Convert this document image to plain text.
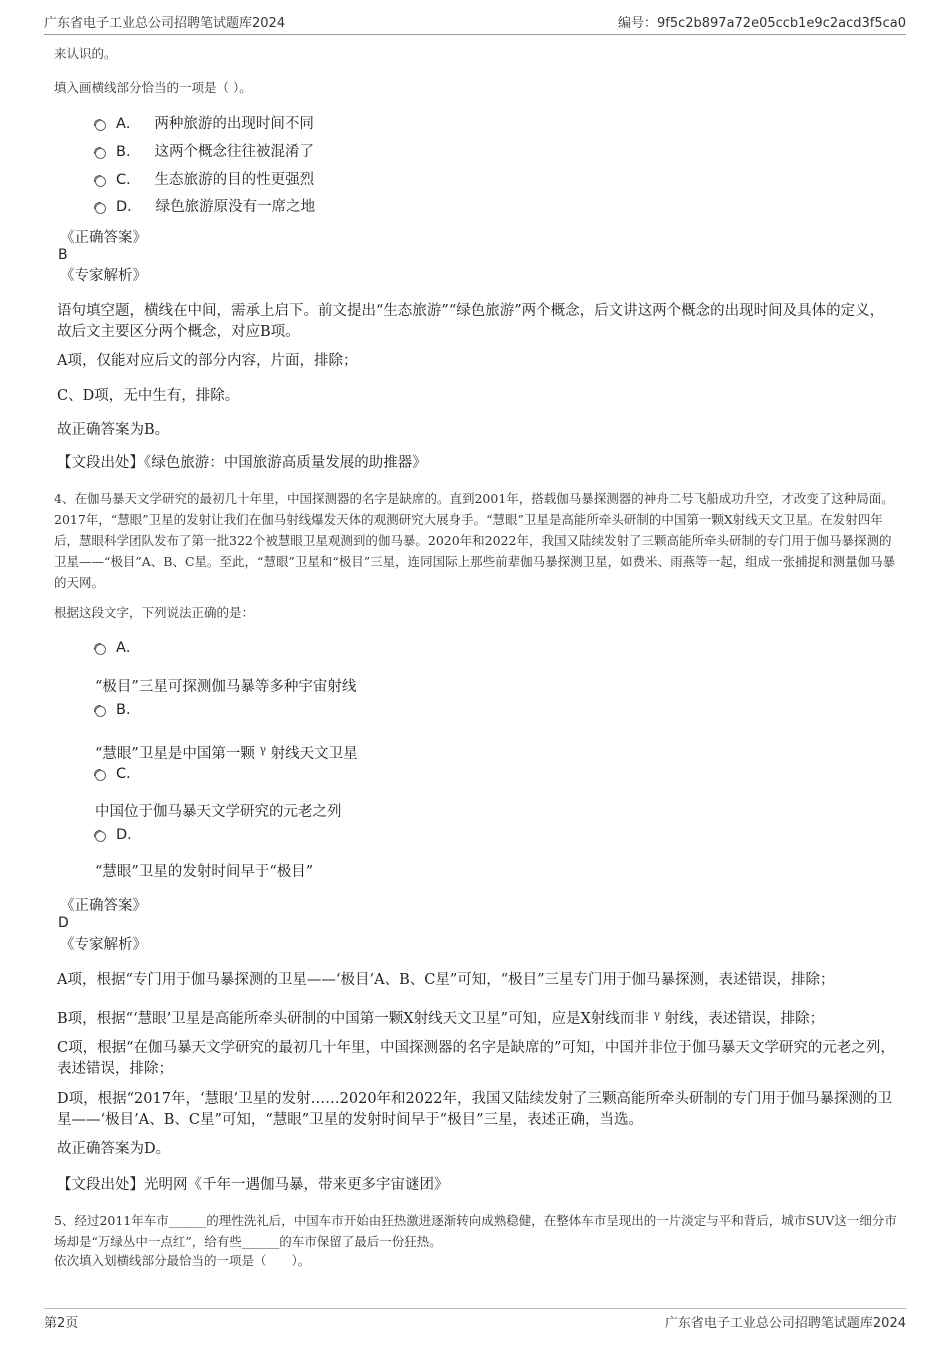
广东省电子工业总公司招聘笔试题库2024	编号：9f5c2b897a72e05ccb1e9c2acd3f5ca0
来认识的。
填入画横线部分恰当的一项是（ ）。
A． 两种旅游的出现时间不同
B． 这两个概念往往被混淆了
C． 生态旅游的目的性更强烈
D． 绿色旅游原没有一席之地
《正确答案》
B
《专家解析》
语句填空题，横线在中间，需承上启下。前文提出“生态旅游”“绿色旅游”两个概念，后文讲这两个概念的出现时间及具体的定义，故后文主要区分两个概念，对应B项。
A项，仅能对应后文的部分内容，片面，排除；
C、D项，无中生有，排除。
故正确答案为B。
【文段出处】《绿色旅游：中国旅游高质量发展的助推器》
4、在伽马暴天文学研究的最初几十年里，中国探测器的名字是缺席的。直到2001年，搭载伽马暴探测器的神舟二号飞船成功升空，才改变了这种局面。2017年，“慧眼”卫星的发射让我们在伽马射线爆发天体的观测研究大展身手。“慧眼”卫星是高能所牵头研制的中国第一颗X射线天文卫星。在发射四年后，慧眼科学团队发布了第一批322个被慧眼卫星观测到的伽马暴。2020年和2022年，我国又陆续发射了三颗高能所牵头研制的专门用于伽马暴探测的卫星——“极目”A、B、C星。至此，“慧眼”卫星和“极目”三星，连同国际上那些前辈伽马暴探测卫星，如费米、雨燕等一起，组成一张捕捉和测量伽马暴的天网。
根据这段文字，下列说法正确的是：
A．
“极目”三星可探测伽马暴等多种宇宙射线
B．
“慧眼”卫星是中国第一颗 $^\gamma$ 射线天文卫星
C．
中国位于伽马暴天文学研究的元老之列
D．
“慧眼”卫星的发射时间早于“极目”
《正确答案》
D
《专家解析》
A项，根据“专门用于伽马暴探测的卫星——‘极目’A、B、C星”可知，“极目”三星专门用于伽马暴探测，表述错误，排除；
B项，根据“‘慧眼’卫星是高能所牵头研制的中国第一颗X射线天文卫星”可知，应是X射线而非 $^\gamma$ 射线，表述错误，排除；
C项，根据“在伽马暴天文学研究的最初几十年里，中国探测器的名字是缺席的”可知，中国并非位于伽马暴天文学研究的元老之列，表述错误，排除；
D项，根据“2017年，‘慧眼’卫星的发射……2020年和2022年，我国又陆续发射了三颗高能所牵头研制的专门用于伽马暴探测的卫星——‘极目’A、B、C星”可知，“慧眼”卫星的发射时间早于“极目”三星，表述正确，当选。
故正确答案为D。
【文段出处】光明网《千年一遇伽马暴，带来更多宇宙谜团》
5、经过2011年车市______的理性洗礼后，中国车市开始由狂热激进逐渐转向成熟稳健，在整体车市呈现出的一片淡定与平和背后，城市SUV这一细分市场却是“万绿丛中一点红”，给有些______的车市保留了最后一份狂热。
依次填入划横线部分最恰当的一项是（　　）。
第2页	广东省电子工业总公司招聘笔试题库2024
